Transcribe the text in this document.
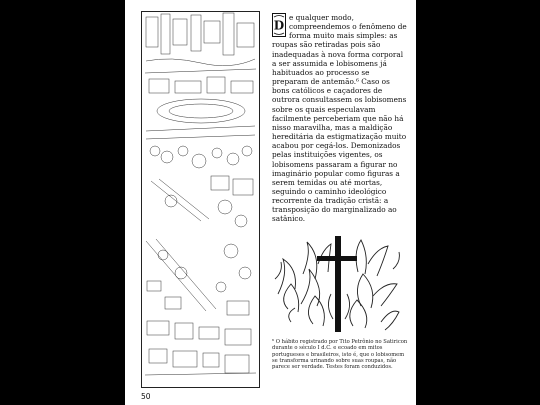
D

e qualquer modo, compreendemos o fenômeno de forma muito mais simples: as roupas são retiradas pois são inadequadas à nova forma corporal a ser assumida e lobisomens já habituados ao processo se preparam de antemão.⁶ Caso os bons católicos e caçadores de outrora consultassem os lobisomens sobre os quais especulavam facilmente perceberiam que não há nisso maravilha, mas a maldição hereditária da estigmatização muito acabou por cegá-los. Demonizados pelas instituições vigentes, os lobisomens passaram a figurar no imaginário popular como figuras a serem temidas ou até mortas, seguindo o caminho ideológico recorrente da tradição cristã: a transposição do marginalizado ao satânico.

⁶ O hábito registrado por Tito Petrônio no Satiricon durante o século I d.C. e ecoado em mitos portugueses e brasileiros, isto é, que o lobisomem se transforma urinando sobre suas roupas, não parece ser verdade. Testes foram conduzidos.

50
